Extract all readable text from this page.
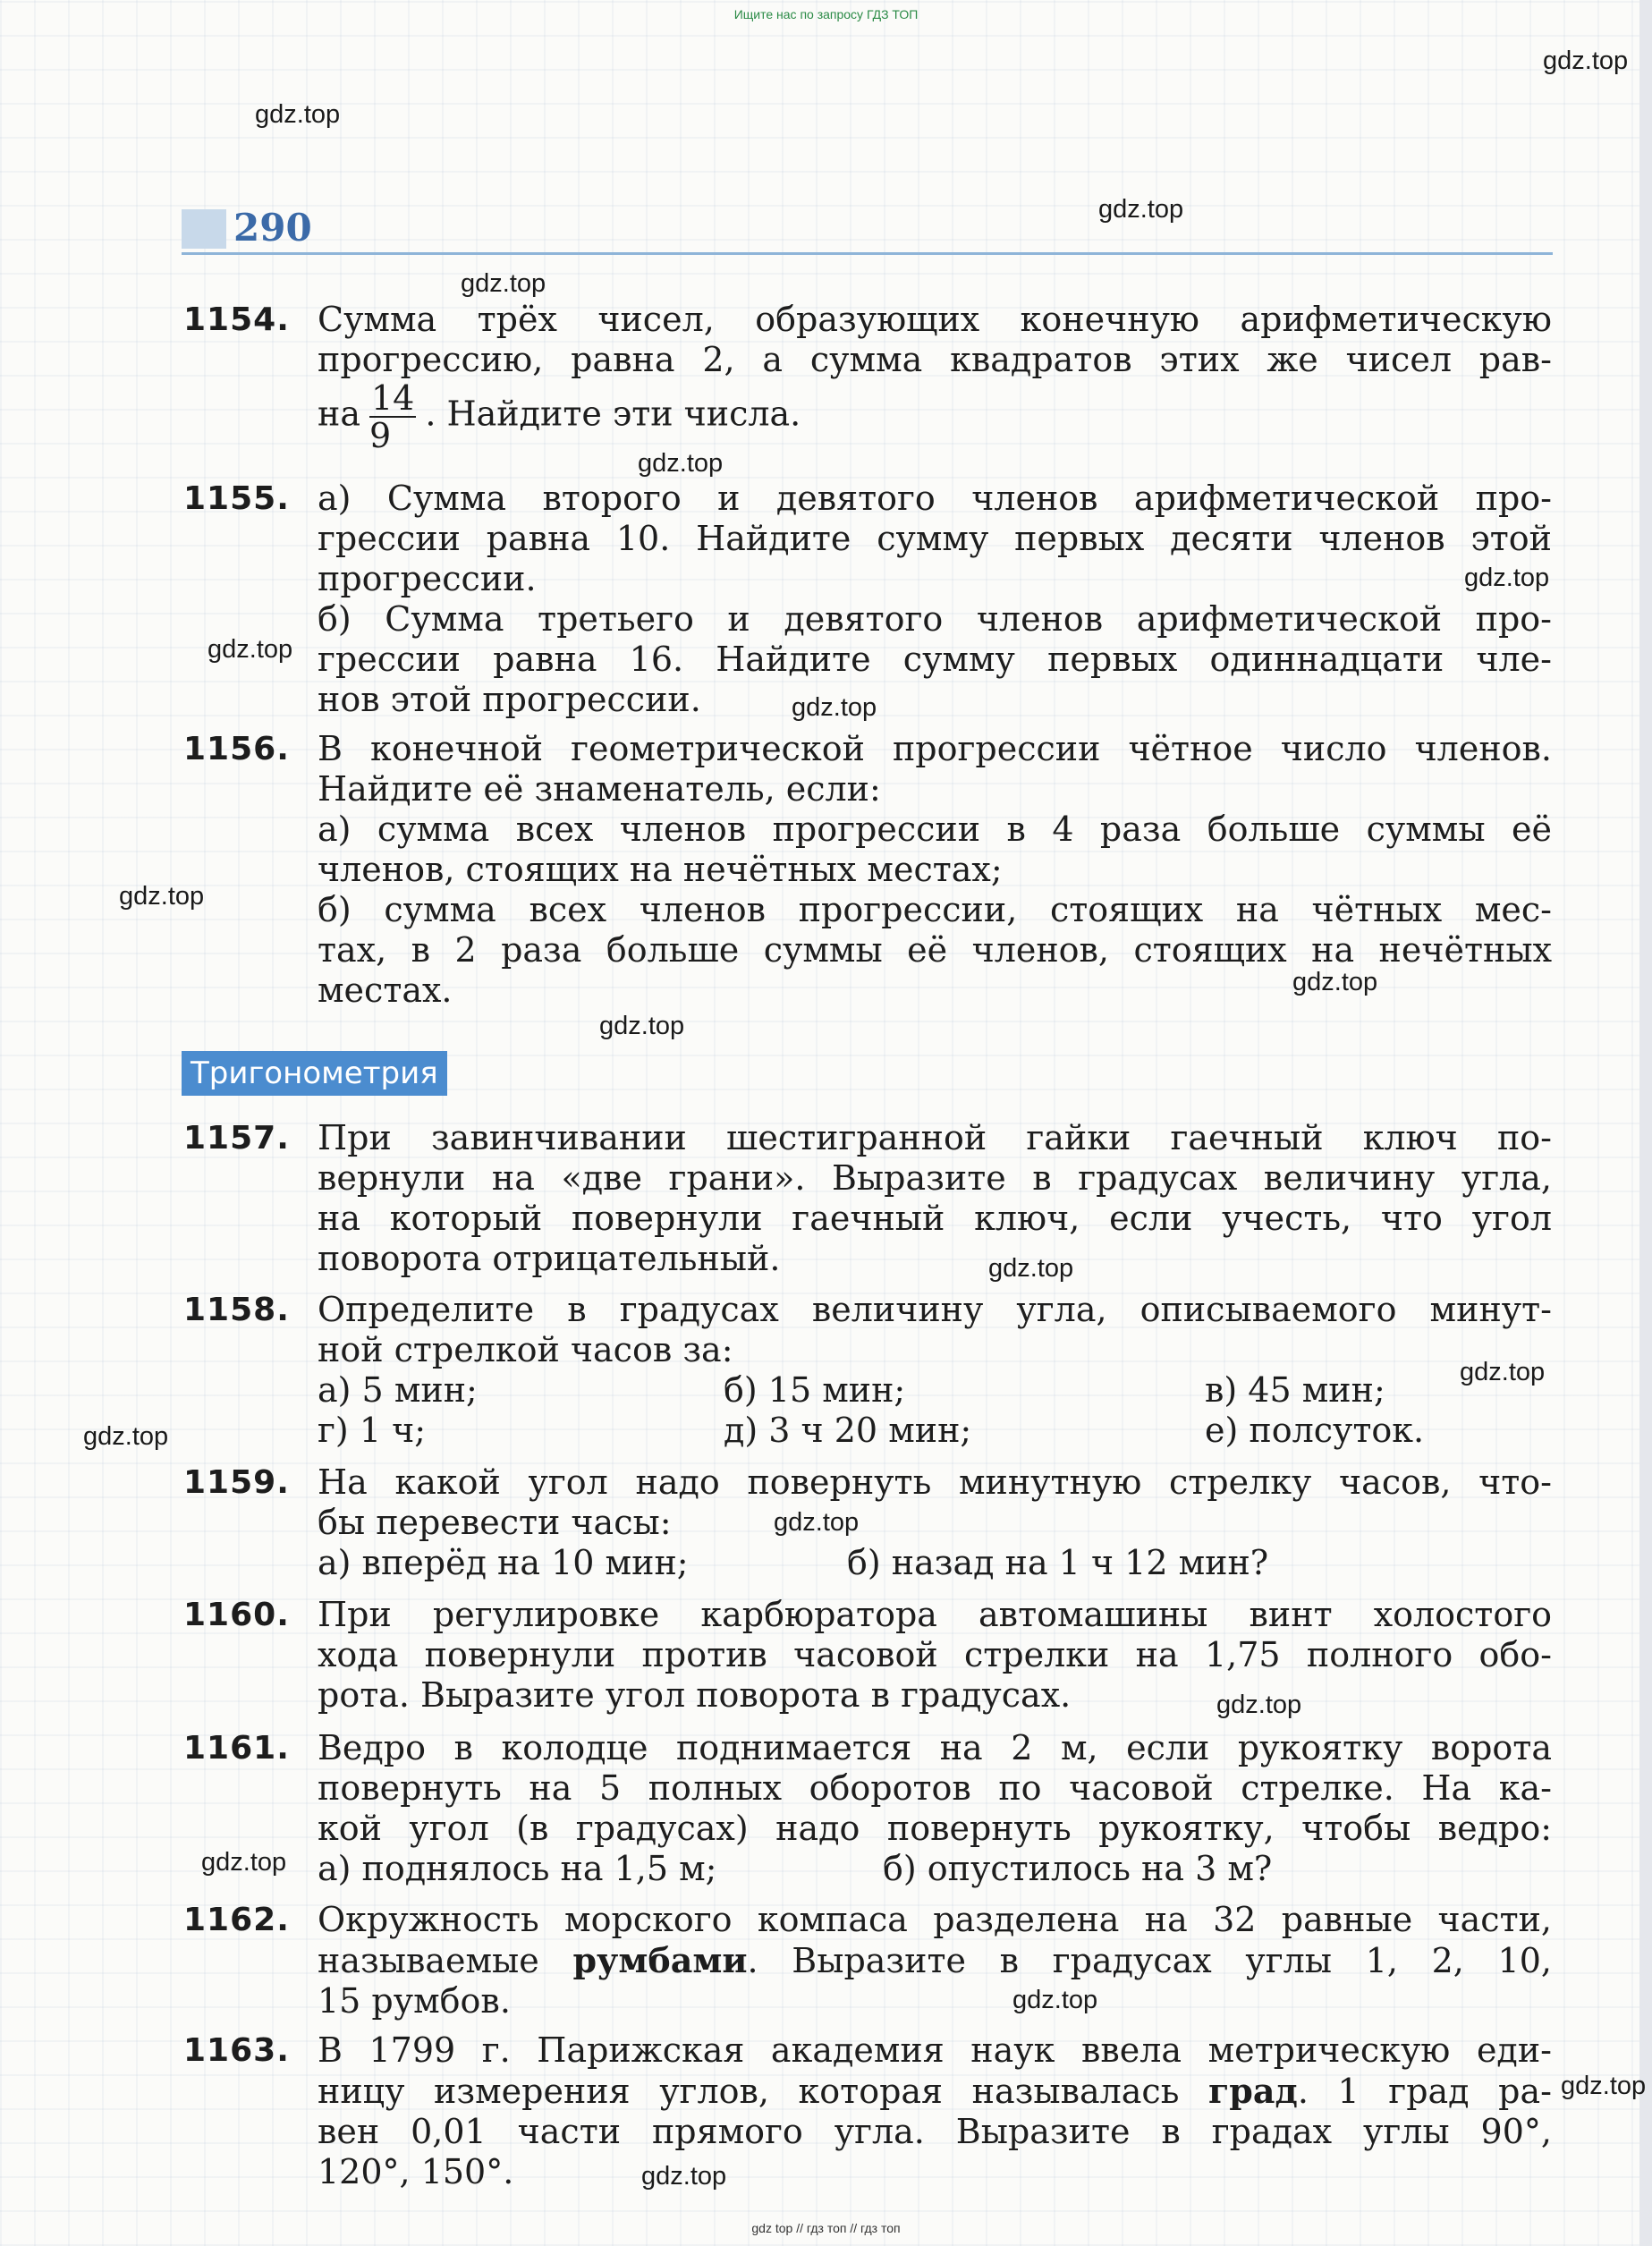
Ищите нас по запросу ГДЗ ТОП
gdz.top
gdz.top
gdz.top
gdz.top
gdz.top
gdz.top
gdz.top
gdz.top
gdz.top
gdz.top
gdz.top
gdz.top
gdz.top
gdz.top
gdz.top
gdz.top
gdz.top
gdz.top
gdz.top
gdz.top
290
1154. Сумма трёх чисел, образующих конечную арифметическую
прогрессию, равна 2, а сумма квадратов этих же чисел рав-
на $\frac{14}{9}$ . Найдите эти числа.
1155. а) Сумма второго и девятого членов арифметической про-
грессии равна 10. Найдите сумму первых десяти членов этой
прогрессии.
б) Сумма третьего и девятого членов арифметической про-
грессии равна 16. Найдите сумму первых одиннадцати чле-
нов этой прогрессии.
1156. В конечной геометрической прогрессии чётное число членов.
Найдите её знаменатель, если:
а) сумма всех членов прогрессии в 4 раза больше суммы её
членов, стоящих на нечётных местах;
б) сумма всех членов прогрессии, стоящих на чётных мес-
тах, в 2 раза больше суммы её членов, стоящих на нечётных
местах.
Тригонометрия
1157. При завинчивании шестигранной гайки гаечный ключ по-
вернули на «две грани». Выразите в градусах величину угла,
на который повернули гаечный ключ, если учесть, что угол
поворота отрицательный.
1158. Определите в градусах величину угла, описываемого минут-
ной стрелкой часов за:
а) 5 мин;	б) 15 мин;	в) 45 мин;
г) 1 ч;	д) 3 ч 20 мин;	е) полсуток.
1159. На какой угол надо повернуть минутную стрелку часов, что-
бы перевести часы:
а) вперёд на 10 мин;	б) назад на 1 ч 12 мин?
1160. При регулировке карбюратора автомашины винт холостого
хода повернули против часовой стрелки на 1,75 полного обо-
рота. Выразите угол поворота в градусах.
1161. Ведро в колодце поднимается на 2 м, если рукоятку ворота
повернуть на 5 полных оборотов по часовой стрелке. На ка-
кой угол (в градусах) надо повернуть рукоятку, чтобы ведро:
а) поднялось на 1,5 м;	б) опустилось на 3 м?
1162. Окружность морского компаса разделена на 32 равные части,
называемые румбами. Выразите в градусах углы 1, 2, 10,
15 румбов.
1163. В 1799 г. Парижская академия наук ввела метрическую еди-
ницу измерения углов, которая называлась град. 1 град ра-
вен 0,01 части прямого угла. Выразите в градах углы 90°,
120°, 150°.
gdz top // гдз топ // гдз топ
